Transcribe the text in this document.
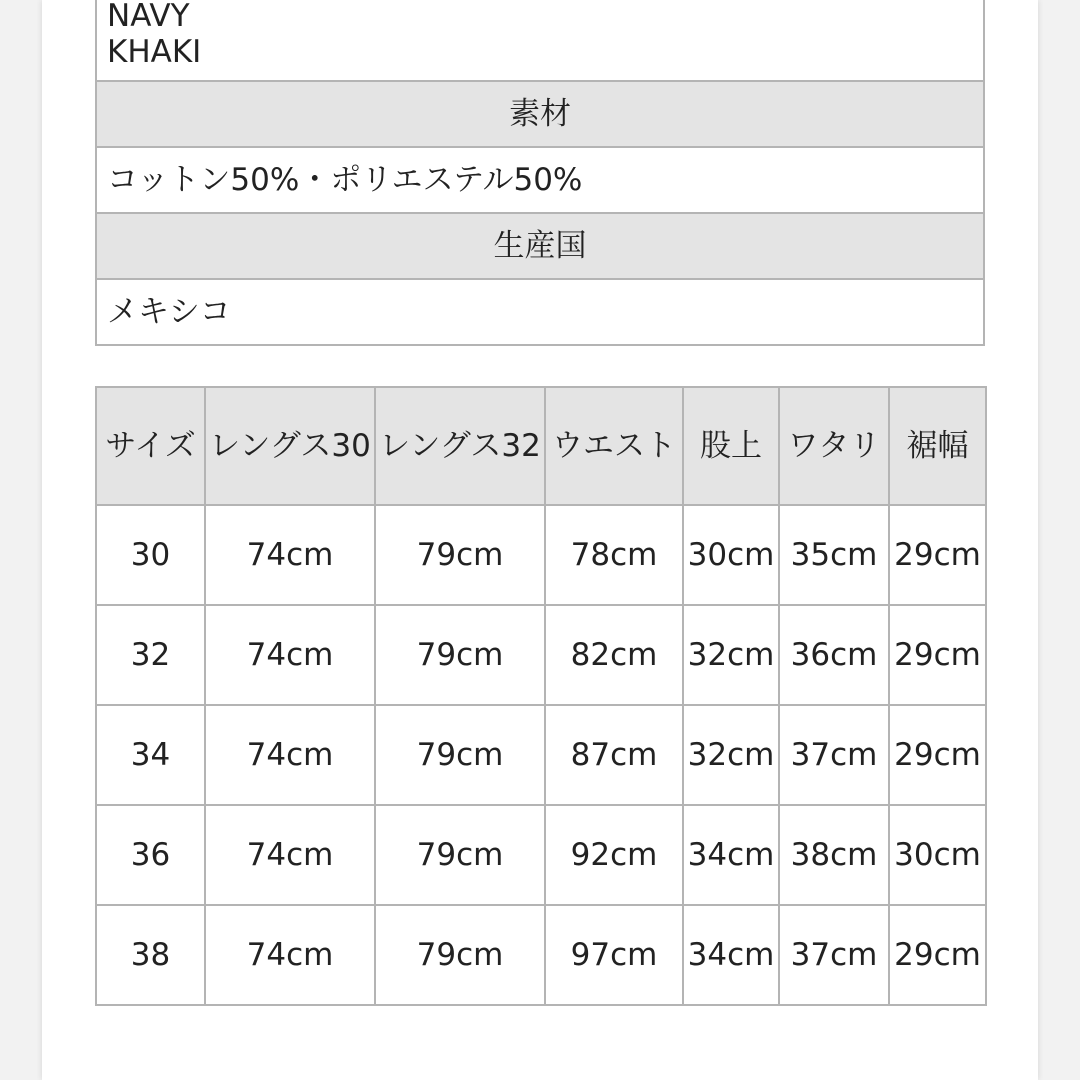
NAVY
KHAKI

素材
コットン50%・ポリエステル50%
生産国
メキシコ
サイズ	レングス30	レングス32	ウエスト	股上	ワタリ	裾幅
30	74cm	79cm	78cm	30cm	35cm	29cm
32	74cm	79cm	82cm	32cm	36cm	29cm
34	74cm	79cm	87cm	32cm	37cm	29cm
36	74cm	79cm	92cm	34cm	38cm	30cm
38	74cm	79cm	97cm	34cm	37cm	29cm
